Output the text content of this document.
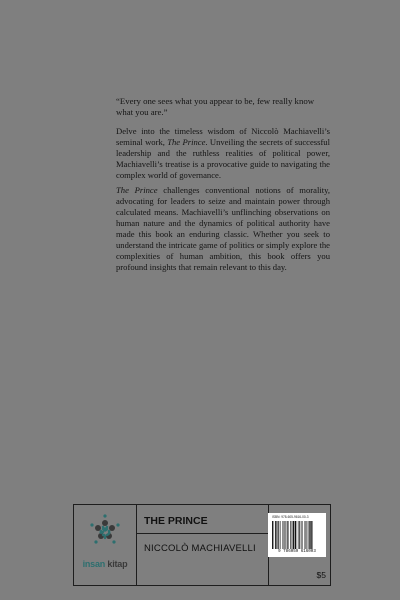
“Every one sees what you appear to be, few really know what you are.”

Delve into the timeless wisdom of Niccolò Machiavelli’s seminal work, The Prince. Unveiling the secrets of successful leadership and the ruthless realities of political power, Machiavelli’s treatise is a provocative guide to navigating the complex world of governance.

The Prince challenges conventional notions of morality, advocating for leaders to seize and maintain power through calculated means. Machiavelli’s unflinching observations on human nature and the dynamics of political authority have made this book an enduring classic. Whether you seek to understand the intricate game of politics or simply explore the complexities of human ambition, this book offers you profound insights that remain relevant to this day.

insan kitap
THE PRINCE
NICCOLÒ MACHIAVELLI
ISBN: 978-605-9616-00-3
9 786059 616003
$5
